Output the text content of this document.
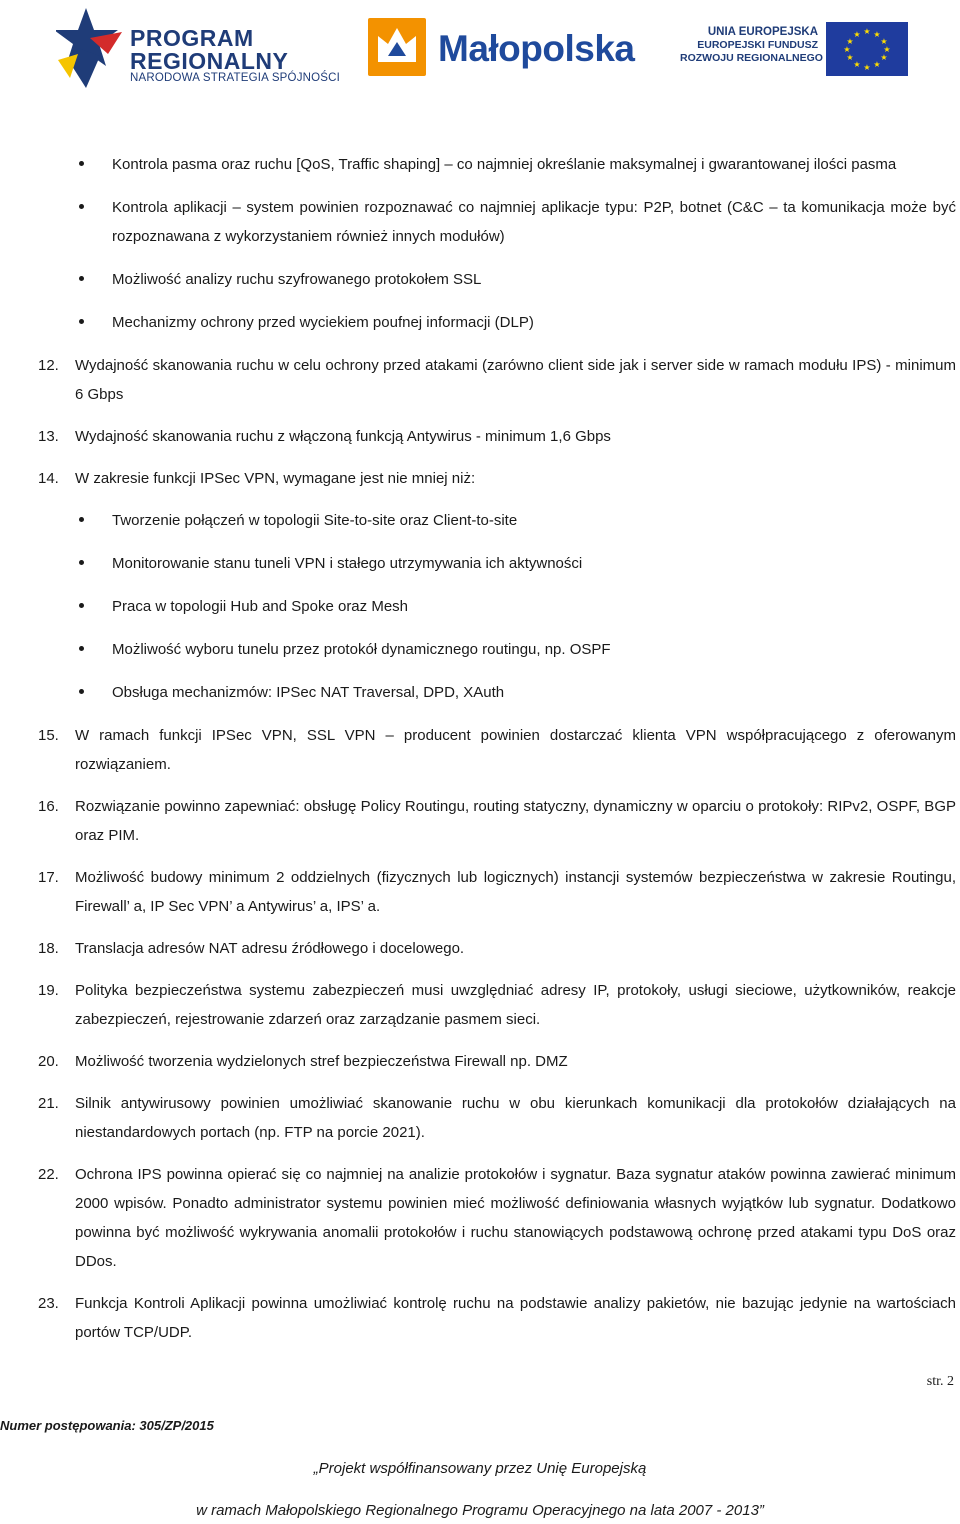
PROGRAM
REGIONALNY
NARODOWA STRATEGIA SPÓJNOŚCI
Małopolska	UNIA EUROPEJSKA
EUROPEJSKI FUNDUSZ
ROZWOJU REGIONALNEGO
★ ★
★
★
★
★
★
★
★
★
★
★
Kontrola pasma oraz ruchu [QoS, Traffic shaping] – co najmniej określanie maksymalnej i gwarantowanej ilości pasma
Kontrola aplikacji – system powinien rozpoznawać co najmniej aplikacje typu: P2P, botnet (C&C – ta komunikacja może być rozpoznawana z wykorzystaniem również innych modułów)
Możliwość analizy ruchu szyfrowanego protokołem SSL
Mechanizmy ochrony przed wyciekiem poufnej informacji (DLP)
12. Wydajność skanowania ruchu w celu ochrony przed atakami (zarówno client side jak i server side w ramach modułu IPS) - minimum 6 Gbps
13. Wydajność skanowania ruchu z włączoną funkcją Antywirus - minimum 1,6 Gbps
14. W zakresie funkcji IPSec VPN, wymagane jest nie mniej niż:
Tworzenie połączeń w topologii Site-to-site oraz Client-to-site
Monitorowanie stanu tuneli VPN i stałego utrzymywania ich aktywności
Praca w topologii Hub and Spoke oraz Mesh
Możliwość wyboru tunelu przez protokół dynamicznego routingu, np. OSPF
Obsługa mechanizmów: IPSec NAT Traversal, DPD, XAuth
15. W ramach funkcji IPSec VPN, SSL VPN – producent powinien dostarczać klienta VPN współpracującego z oferowanym rozwiązaniem.
16. Rozwiązanie powinno zapewniać: obsługę Policy Routingu, routing statyczny, dynamiczny w oparciu o protokoły: RIPv2, OSPF, BGP oraz PIM.
17. Możliwość budowy minimum 2 oddzielnych (fizycznych lub logicznych) instancji systemów bezpieczeństwa w zakresie Routingu, Firewall’ a, IP Sec VPN’ a Antywirus’ a, IPS’ a.
18. Translacja adresów NAT adresu źródłowego i docelowego.
19. Polityka bezpieczeństwa systemu zabezpieczeń musi uwzględniać adresy IP, protokoły, usługi sieciowe, użytkowników, reakcje zabezpieczeń, rejestrowanie zdarzeń oraz zarządzanie pasmem sieci.
20. Możliwość tworzenia wydzielonych stref bezpieczeństwa Firewall np. DMZ
21. Silnik antywirusowy powinien umożliwiać skanowanie ruchu w obu kierunkach komunikacji dla protokołów działających na niestandardowych portach (np. FTP na porcie 2021).
22. Ochrona IPS powinna opierać się co najmniej na analizie protokołów i sygnatur. Baza sygnatur ataków powinna zawierać minimum 2000 wpisów. Ponadto administrator systemu powinien mieć możliwość definiowania własnych wyjątków lub sygnatur. Dodatkowo powinna być możliwość wykrywania anomalii protokołów i ruchu stanowiących podstawową ochronę przed atakami typu DoS oraz DDos.
23. Funkcja Kontroli Aplikacji powinna umożliwiać kontrolę ruchu na podstawie analizy pakietów, nie bazując jedynie na wartościach portów TCP/UDP.
str. 2
Numer postępowania: 305/ZP/2015
„Projekt współfinansowany przez Unię Europejską
w ramach Małopolskiego Regionalnego Programu Operacyjnego na lata 2007 - 2013”
